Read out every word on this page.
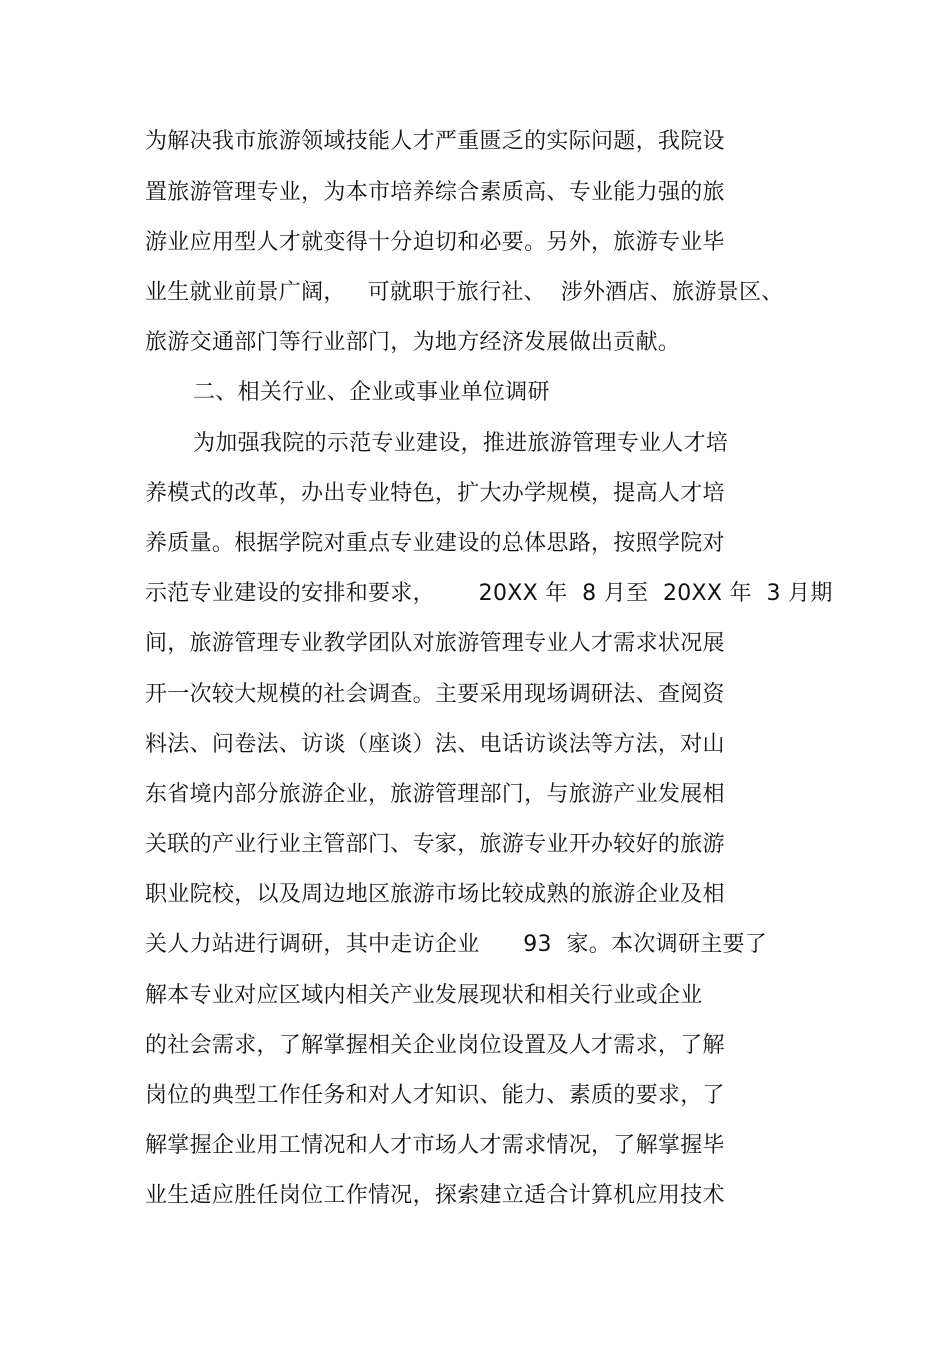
为解决我市旅游领域技能人才严重匮乏的实际问题，我院设
置旅游管理专业，为本市培养综合素质高、专业能力强的旅
游业应用型人才就变得十分迫切和必要。另外，旅游专业毕
业生就业前景广阔，   可就职于旅行社、  涉外酒店、旅游景区、
旅游交通部门等行业部门，为地方经济发展做出贡献。
二、相关行业、企业或事业单位调研
为加强我院的示范专业建设，推进旅游管理专业人才培
养模式的改革，办出专业特色，扩大办学规模，提高人才培
养质量。根据学院对重点专业建设的总体思路，按照学院对
示范专业建设的安排和要求，      20XX 年  8 月至  20XX 年  3 月期
间，旅游管理专业教学团队对旅游管理专业人才需求状况展
开一次较大规模的社会调查。主要采用现场调研法、查阅资
料法、问卷法、访谈（座谈）法、电话访谈法等方法，对山
东省境内部分旅游企业，旅游管理部门，与旅游产业发展相
关联的产业行业主管部门、专家，旅游专业开办较好的旅游
职业院校，以及周边地区旅游市场比较成熟的旅游企业及相
关人力站进行调研，其中走访企业      93  家。本次调研主要了
解本专业对应区域内相关产业发展现状和相关行业或企业
的社会需求，了解掌握相关企业岗位设置及人才需求，了解
岗位的典型工作任务和对人才知识、能力、素质的要求，了
解掌握企业用工情况和人才市场人才需求情况，了解掌握毕
业生适应胜任岗位工作情况，探索建立适合计算机应用技术
